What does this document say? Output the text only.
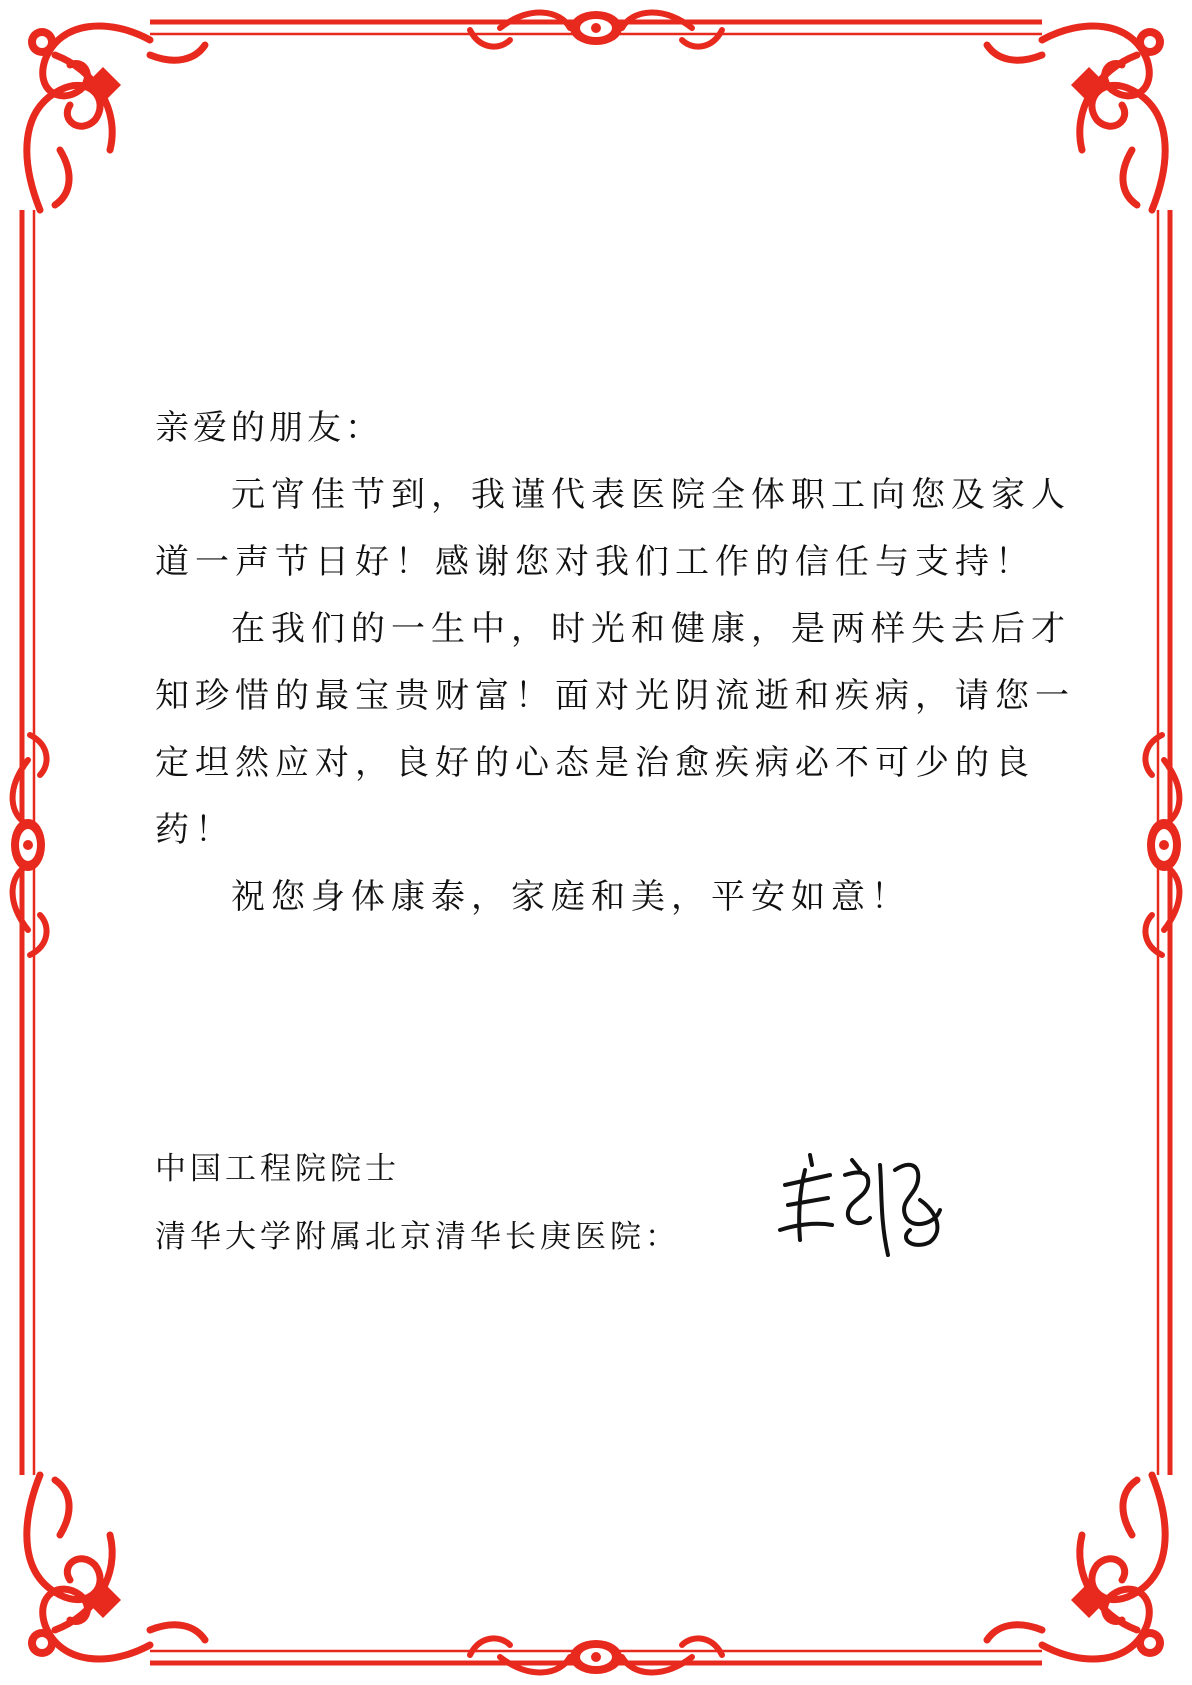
亲爱的朋友：

元宵佳节到，我谨代表医院全体职工向您及家人道一声节日好！感谢您对我们工作的信任与支持！

在我们的一生中，时光和健康，是两样失去后才知珍惜的最宝贵财富！面对光阴流逝和疾病，请您一定坦然应对，良好的心态是治愈疾病必不可少的良药！

祝您身体康泰，家庭和美，平安如意！

中国工程院院士

清华大学附属北京清华长庚医院：
